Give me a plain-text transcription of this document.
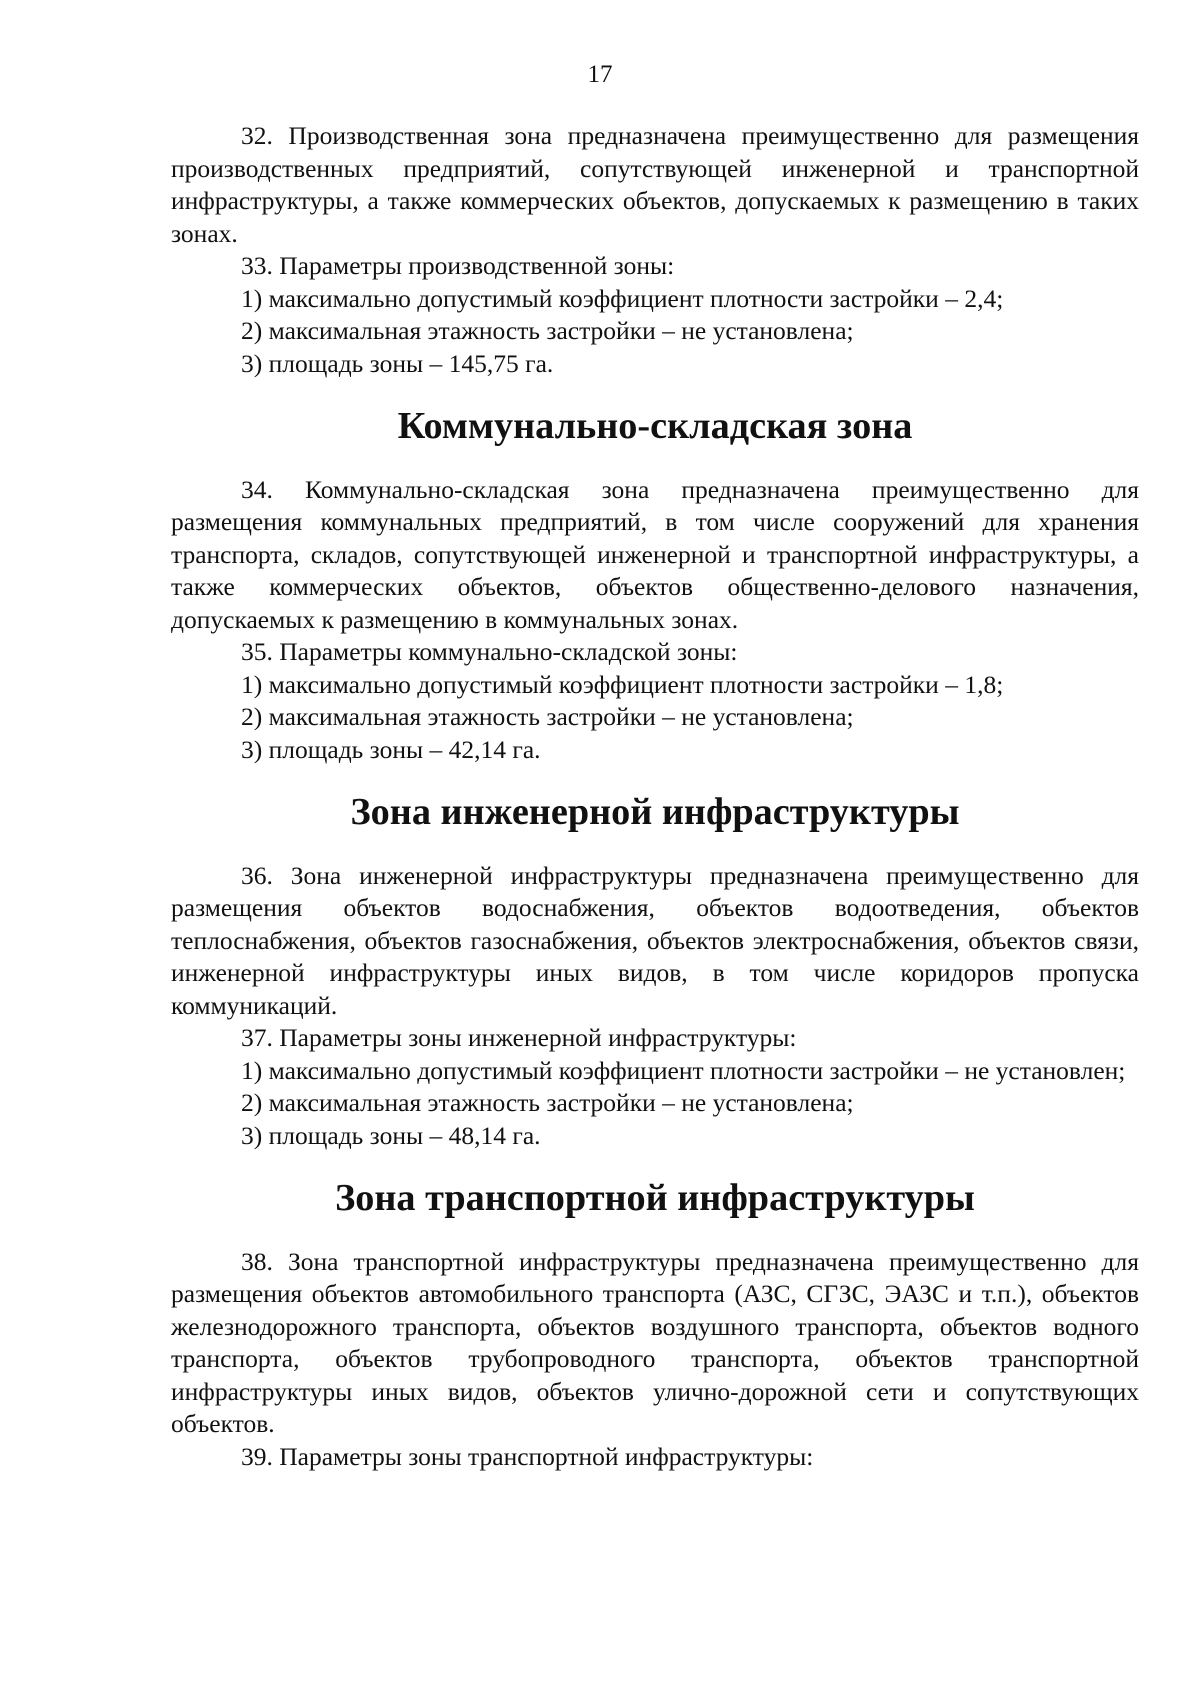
17

32. Производственная зона предназначена преимущественно для размещения производственных предприятий, сопутствующей инженерной и транспортной инфраструктуры, а также коммерческих объектов, допускаемых к размещению в таких зонах.

33. Параметры производственной зоны:

1) максимально допустимый коэффициент плотности застройки – 2,4;

2) максимальная этажность застройки – не установлена;

3) площадь зоны – 145,75 га.

Коммунально-складская зона

34. Коммунально-складская зона предназначена преимущественно для размещения коммунальных предприятий, в том числе сооружений для хранения транспорта, складов, сопутствующей инженерной и транспортной инфраструктуры, а также коммерческих объектов, объектов общественно-делового назначения, допускаемых к размещению в коммунальных зонах.

35. Параметры коммунально-складской зоны:

1) максимально допустимый коэффициент плотности застройки – 1,8;

2) максимальная этажность застройки – не установлена;

3) площадь зоны – 42,14 га.

Зона инженерной инфраструктуры

36. Зона инженерной инфраструктуры предназначена преимущественно для размещения объектов водоснабжения, объектов водоотведения, объектов теплоснабжения, объектов газоснабжения, объектов электроснабжения, объектов связи, инженерной инфраструктуры иных видов, в том числе коридоров пропуска коммуникаций.

37. Параметры зоны инженерной инфраструктуры:

1) максимально допустимый коэффициент плотности застройки – не установлен;

2) максимальная этажность застройки – не установлена;

3) площадь зоны – 48,14 га.

Зона транспортной инфраструктуры

38. Зона транспортной инфраструктуры предназначена преимущественно для размещения объектов автомобильного транспорта (АЗС, СГЗС, ЭАЗС и т.п.), объектов железнодорожного транспорта, объектов воздушного транспорта, объектов водного транспорта, объектов трубопроводного транспорта, объектов транспортной инфраструктуры иных видов, объектов улично-дорожной сети и сопутствующих объектов.

39. Параметры зоны транспортной инфраструктуры:
